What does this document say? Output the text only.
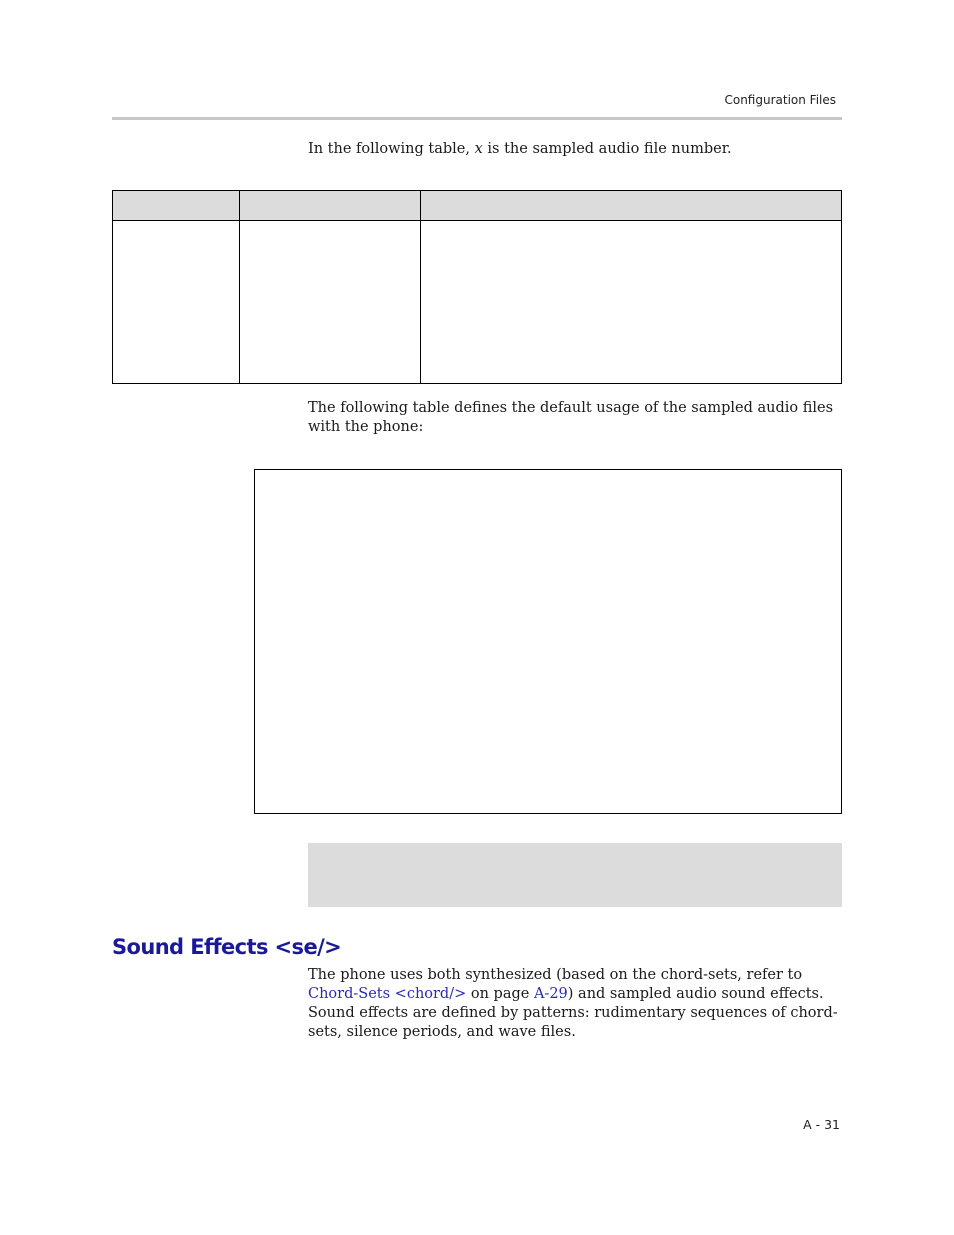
Configuration Files

In the following table, x is the sampled audio file number.

The following table defines the default usage of the sampled audio files with the phone:

Sound Effects <se/>

The phone uses both synthesized (based on the chord-sets, refer to Chord-Sets <chord/> on page A-29) and sampled audio sound effects. Sound effects are defined by patterns: rudimentary sequences of chord-sets, silence periods, and wave files.

A - 31
